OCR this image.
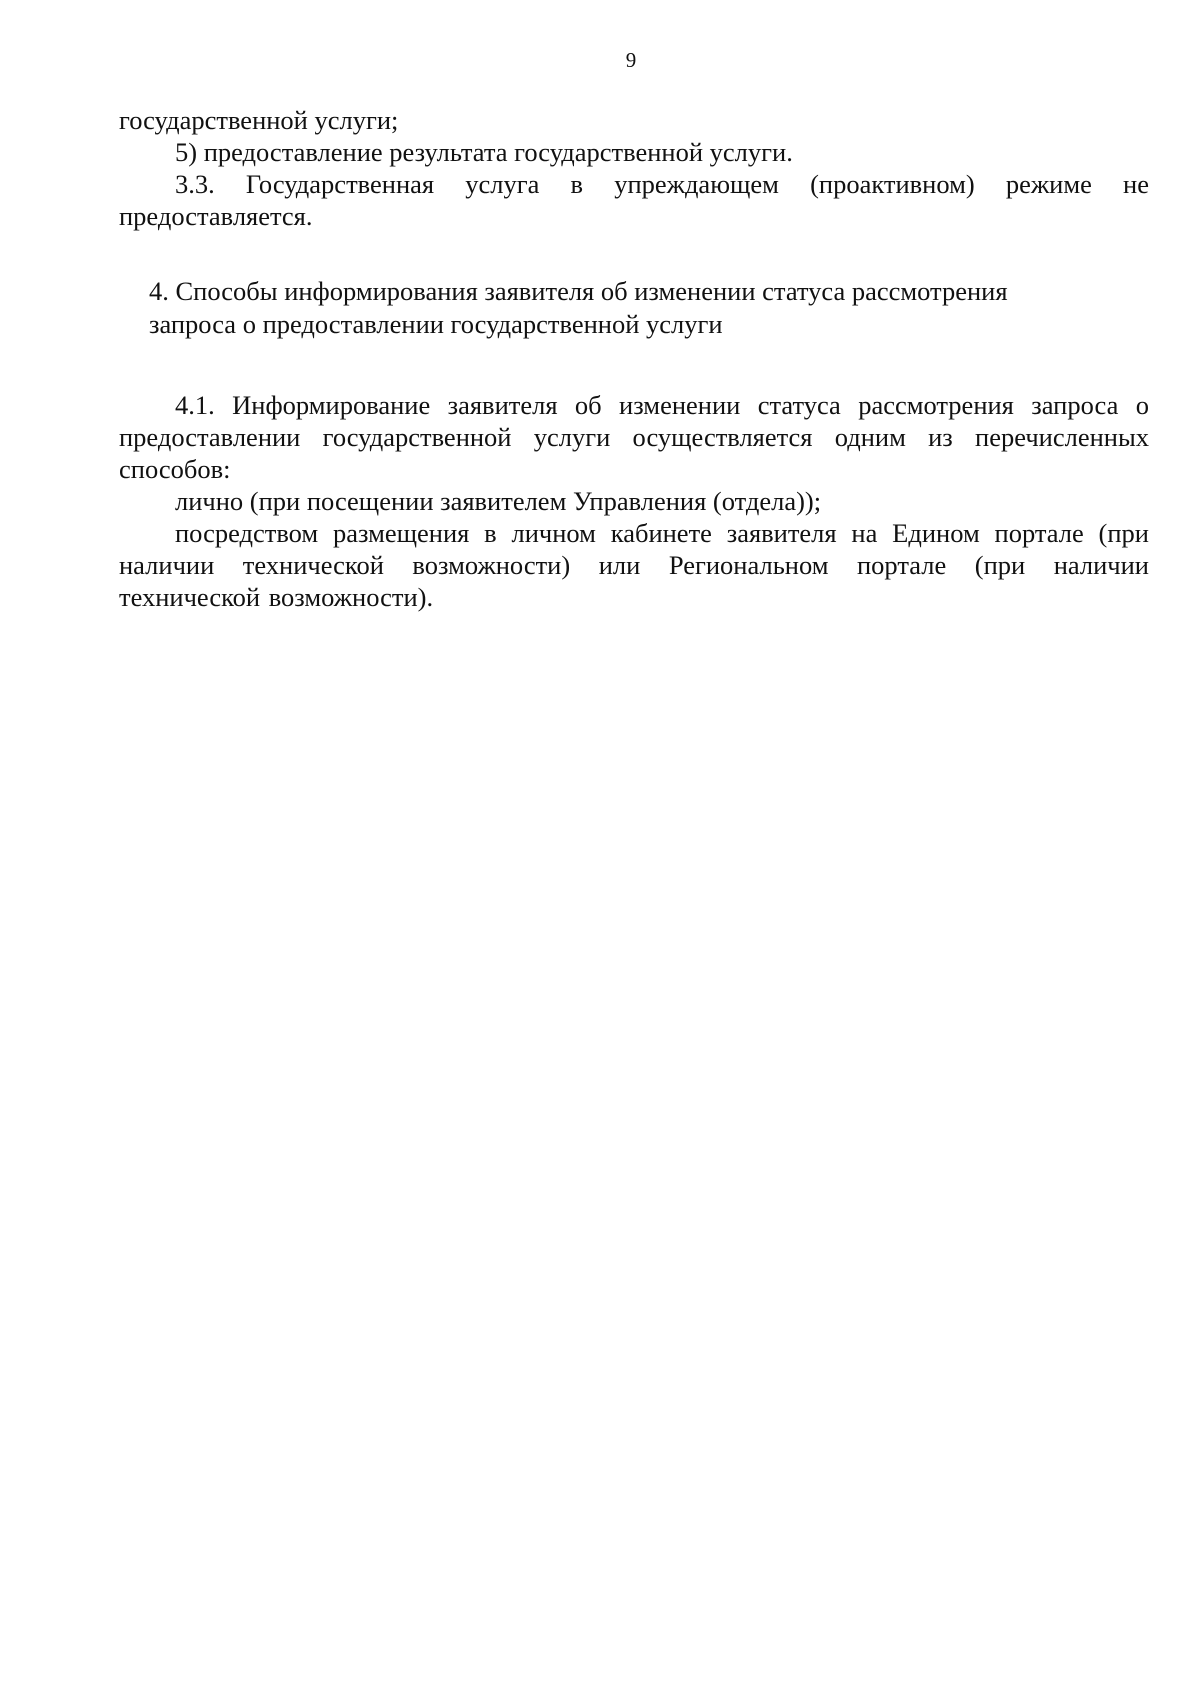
9

государственной услуги;

5) предоставление результата государственной услуги.

3.3. Государственная услуга в упреждающем (проактивном) режиме не предоставляется.

4. Способы информирования заявителя об изменении статуса рассмотрения

запроса о предоставлении государственной услуги

4.1. Информирование заявителя об изменении статуса рассмотрения запроса о предоставлении государственной услуги осуществляется одним из перечисленных способов:

лично (при посещении заявителем Управления (отдела));

посредством размещения в личном кабинете заявителя на Едином портале (при наличии технической возможности) или Региональном портале (при наличии технической возможности).
